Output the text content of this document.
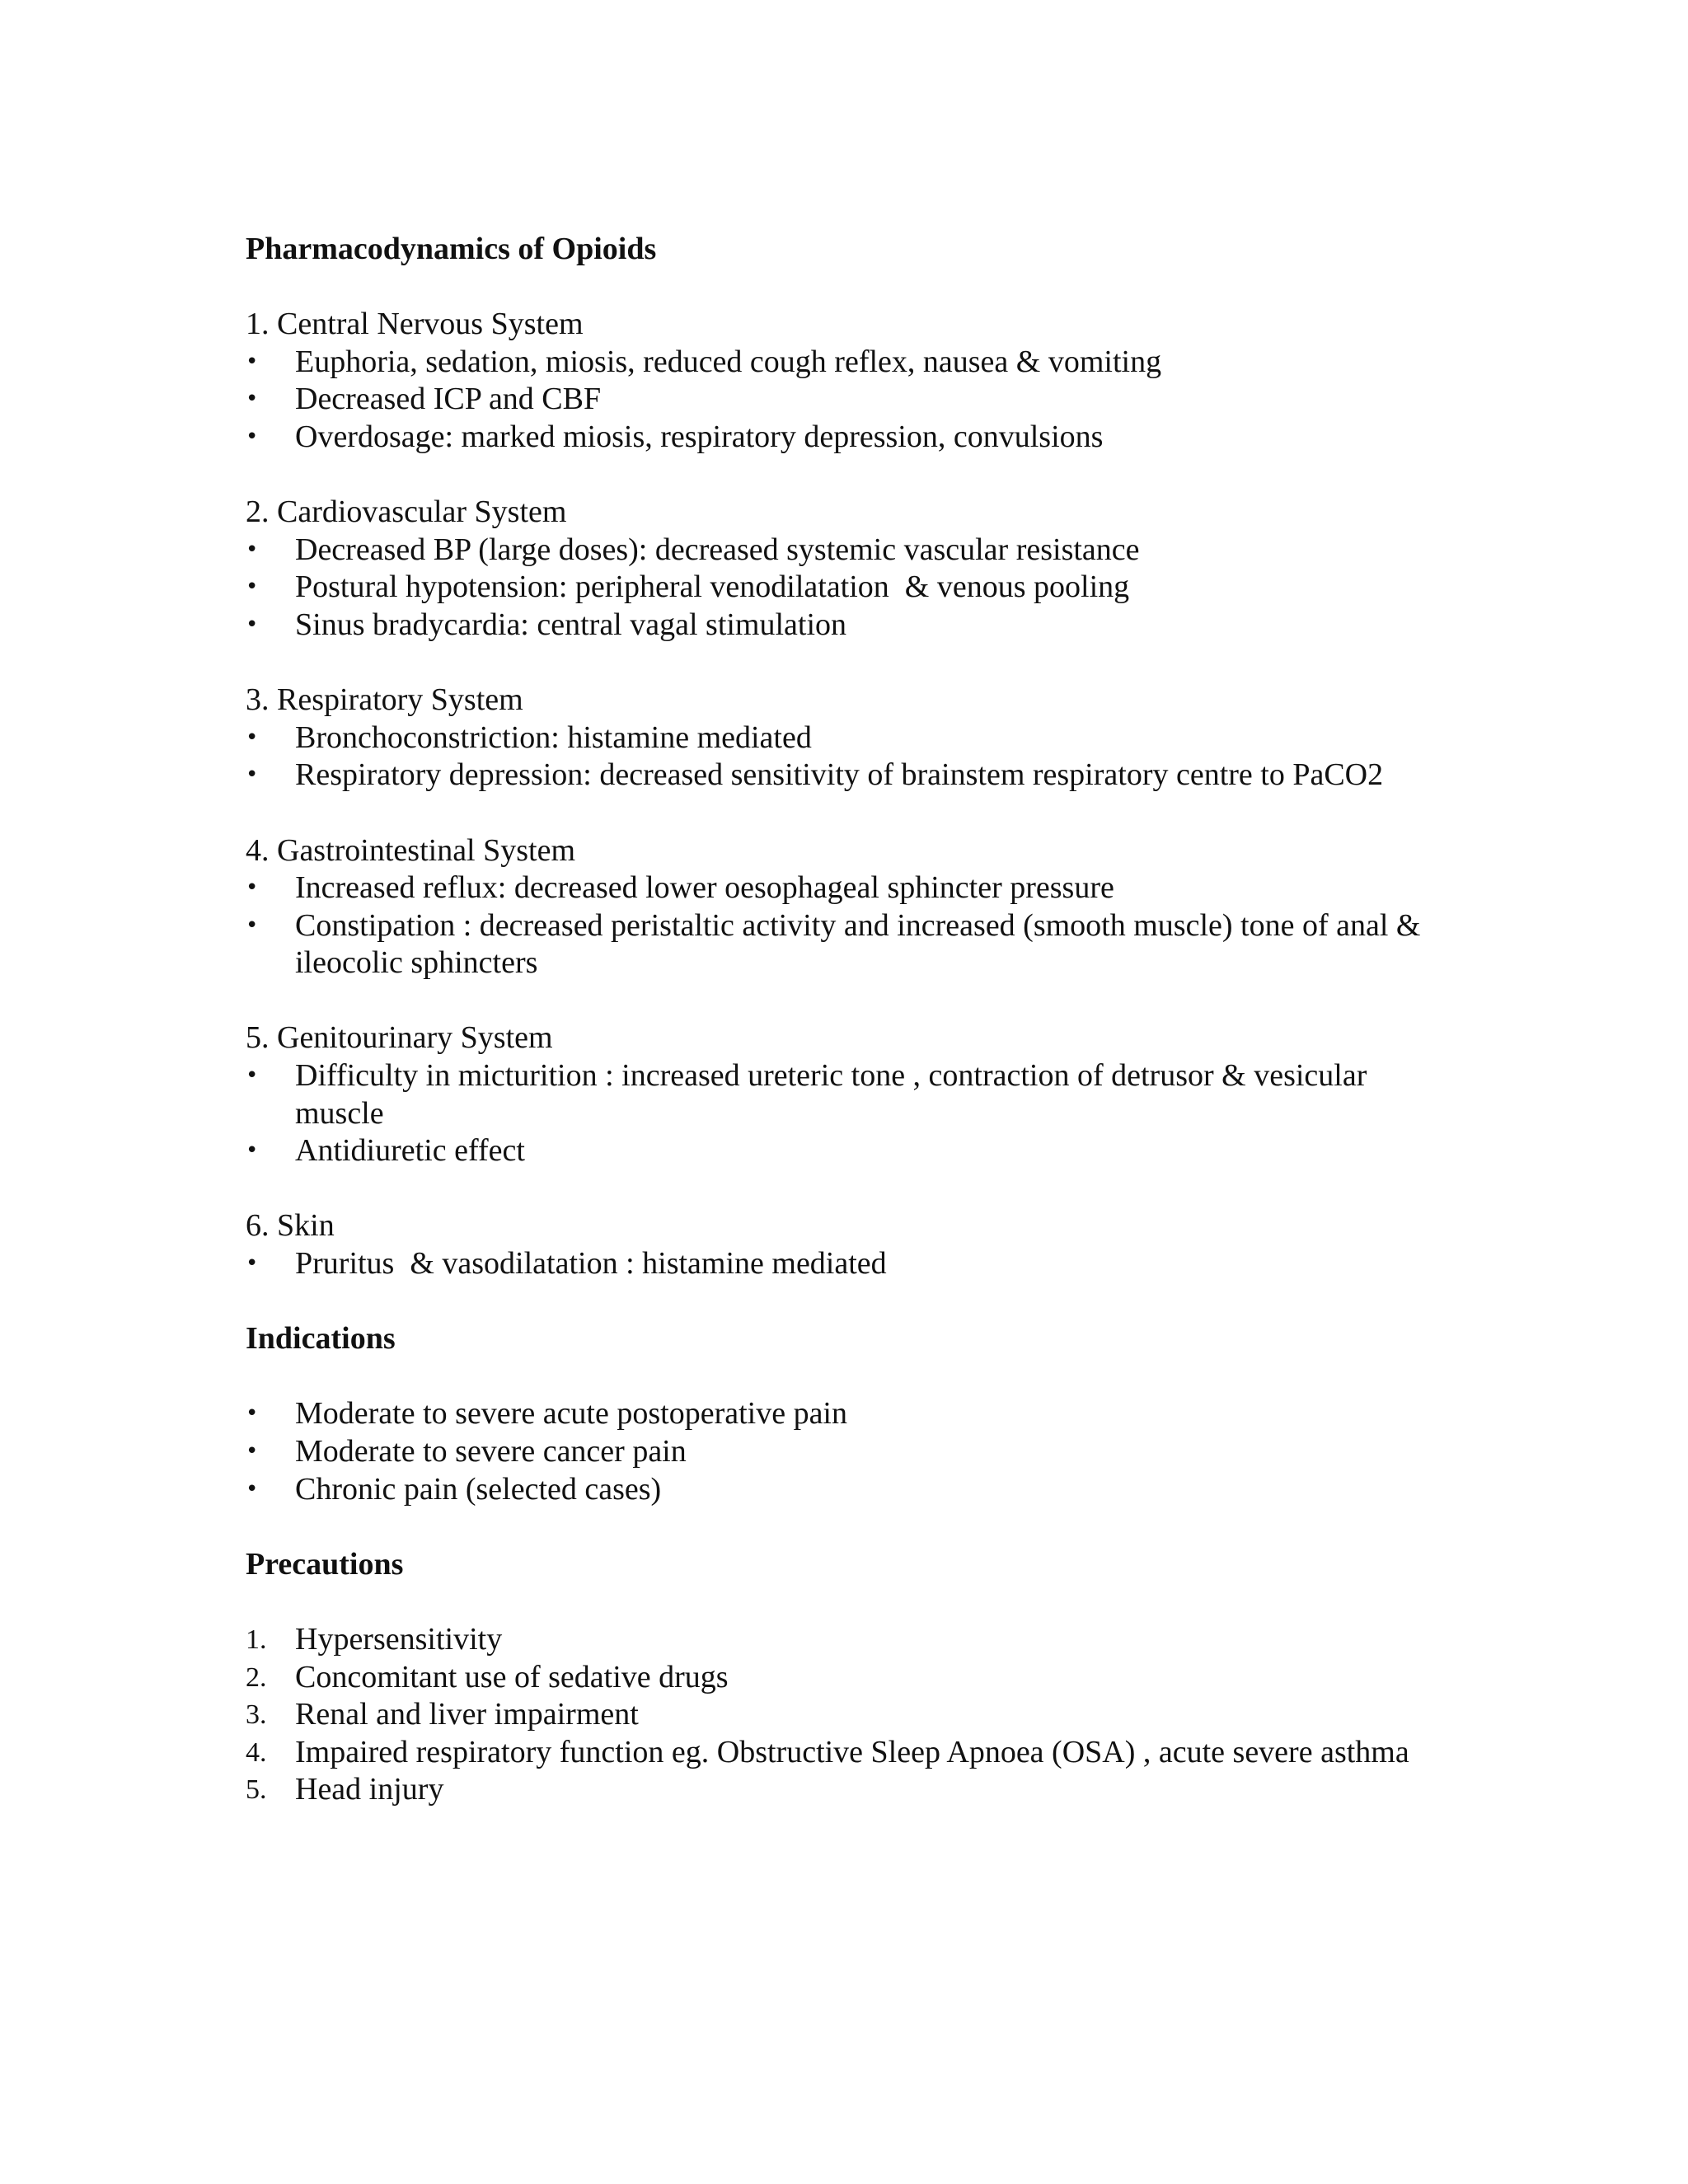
Pharmacodynamics of Opioids

1. Central Nervous System

•	Euphoria, sedation, miosis, reduced cough reflex, nausea & vomiting
•	Decreased ICP and CBF
•	Overdosage: marked miosis, respiratory depression, convulsions

2. Cardiovascular System

•	Decreased BP (large doses): decreased systemic vascular resistance
•	Postural hypotension: peripheral venodilatation  & venous pooling
•	Sinus bradycardia: central vagal stimulation

3. Respiratory System

•	Bronchoconstriction: histamine mediated
•	Respiratory depression: decreased sensitivity of brainstem respiratory centre to PaCO2

4. Gastrointestinal System

•	Increased reflux: decreased lower oesophageal sphincter pressure
•	Constipation : decreased peristaltic activity and increased (smooth muscle) tone of anal & ileocolic sphincters

5. Genitourinary System

•	Difficulty in micturition : increased ureteric tone , contraction of detrusor & vesicular muscle
•	Antidiuretic effect

6. Skin

•	Pruritus  & vasodilatation : histamine mediated

Indications

•	Moderate to severe acute postoperative pain
•	Moderate to severe cancer pain
•	Chronic pain (selected cases)

Precautions

1. Hypersensitivity
2. Concomitant use of sedative drugs
3. Renal and liver impairment
4. Impaired respiratory function eg. Obstructive Sleep Apnoea (OSA) , acute severe asthma
5. Head injury
